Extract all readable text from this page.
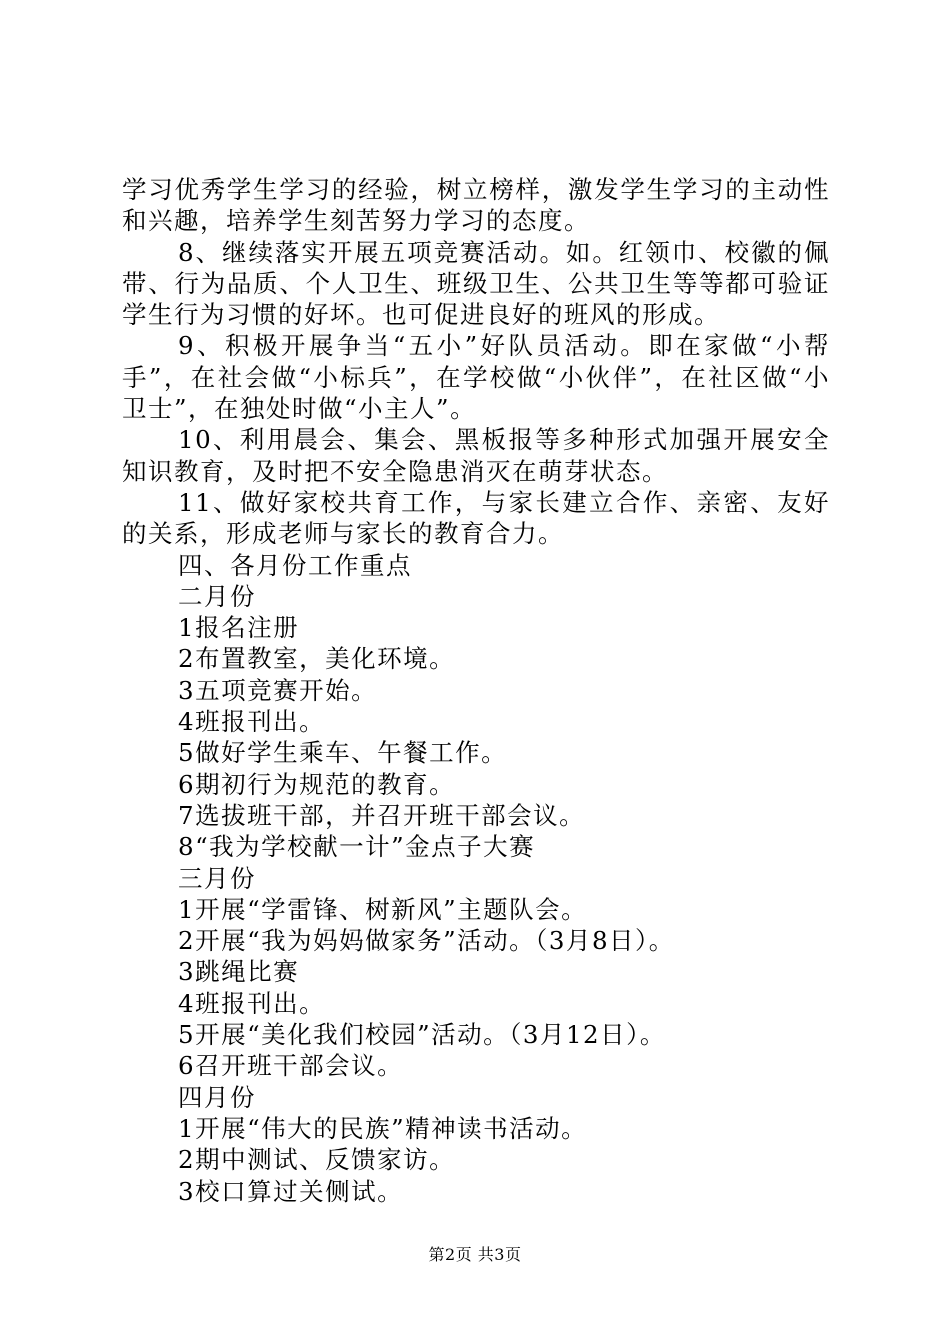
学习优秀学生学习的经验，树立榜样，激发学生学习的主动性和兴趣，培养学生刻苦努力学习的态度。

8、继续落实开展五项竞赛活动。如。红领巾、校徽的佩带、行为品质、个人卫生、班级卫生、公共卫生等等都可验证学生行为习惯的好坏。也可促进良好的班风的形成。

9、积极开展争当“五小”好队员活动。即在家做“小帮手”，在社会做“小标兵”，在学校做“小伙伴”，在社区做“小卫士”，在独处时做“小主人”。

10、利用晨会、集会、黑板报等多种形式加强开展安全知识教育，及时把不安全隐患消灭在萌芽状态。

11、做好家校共育工作，与家长建立合作、亲密、友好的关系，形成老师与家长的教育合力。

四、各月份工作重点

二月份

1报名注册

2布置教室，美化环境。

3五项竞赛开始。

4班报刊出。

5做好学生乘车、午餐工作。

6期初行为规范的教育。

7选拔班干部，并召开班干部会议。

8“我为学校献一计”金点子大赛

三月份

1开展“学雷锋、树新风”主题队会。

2开展“我为妈妈做家务”活动。（3月8日）。

3跳绳比赛

4班报刊出。

5开展“美化我们校园”活动。（3月12日）。

6召开班干部会议。

四月份

1开展“伟大的民族”精神读书活动。

2期中测试、反馈家访。

3校口算过关侧试。

第2页 共3页
